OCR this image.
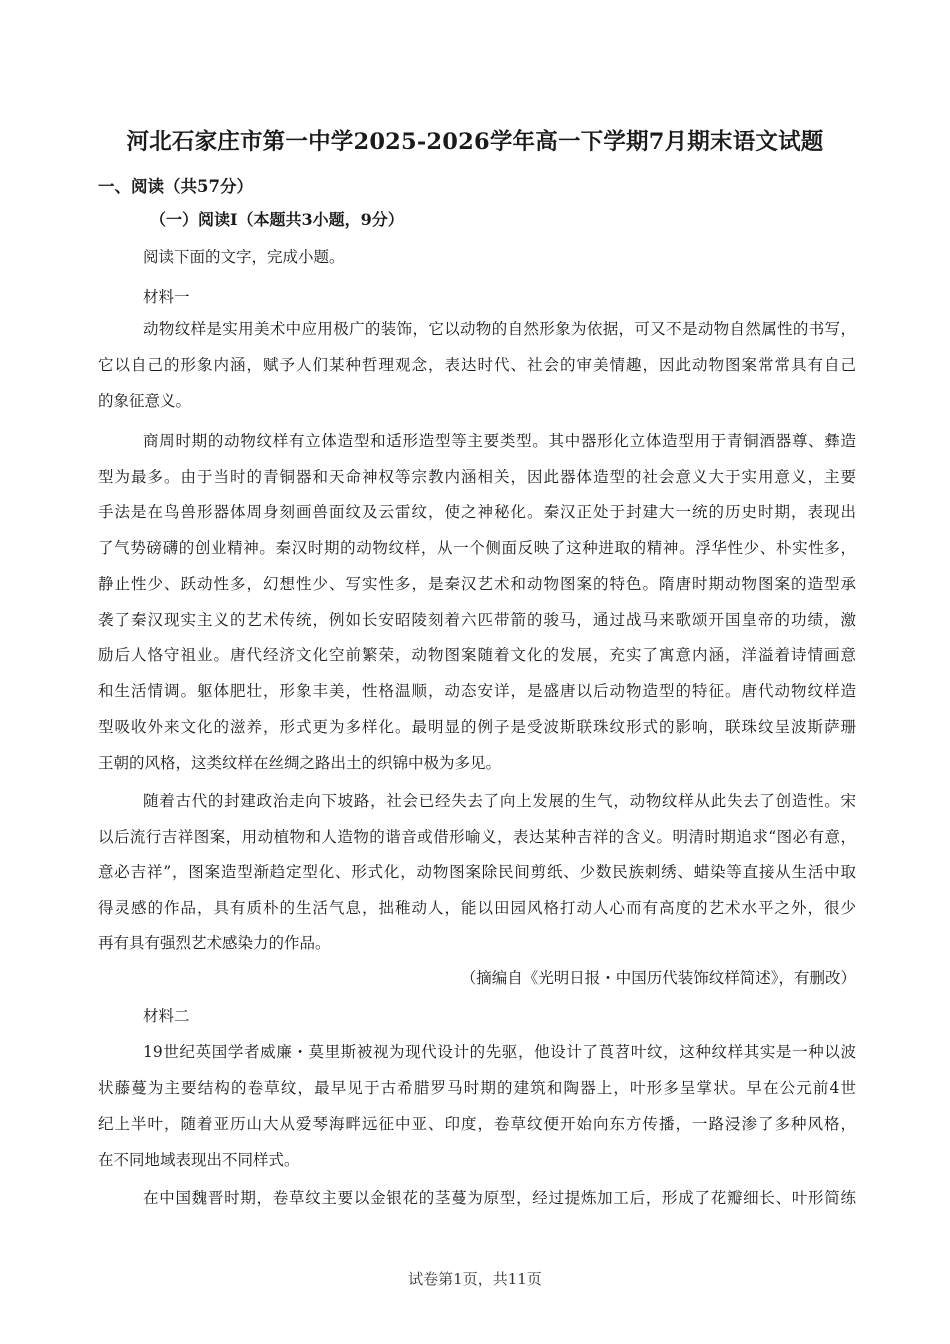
河北石家庄市第一中学2025-2026学年高一下学期7月期末语文试题
一、阅读（共57分）
（一）阅读I（本题共3小题，9分）
阅读下面的文字，完成小题。
材料一
动物纹样是实用美术中应用极广的装饰，它以动物的自然形象为依据，可又不是动物自然属性的书写，
它以自己的形象内涵，赋予人们某种哲理观念，表达时代、社会的审美情趣，因此动物图案常常具有自己
的象征意义。
商周时期的动物纹样有立体造型和适形造型等主要类型。其中器形化立体造型用于青铜酒器尊、彝造
型为最多。由于当时的青铜器和天命神权等宗教内涵相关，因此器体造型的社会意义大于实用意义，主要
手法是在鸟兽形器体周身刻画兽面纹及云雷纹，使之神秘化。秦汉正处于封建大一统的历史时期，表现出
了气势磅礴的创业精神。秦汉时期的动物纹样，从一个侧面反映了这种进取的精神。浮华性少、朴实性多，
静止性少、跃动性多，幻想性少、写实性多，是秦汉艺术和动物图案的特色。隋唐时期动物图案的造型承
袭了秦汉现实主义的艺术传统，例如长安昭陵刻着六匹带箭的骏马，通过战马来歌颂开国皇帝的功绩，激
励后人恪守祖业。唐代经济文化空前繁荣，动物图案随着文化的发展，充实了寓意内涵，洋溢着诗情画意
和生活情调。躯体肥壮，形象丰美，性格温顺，动态安详，是盛唐以后动物造型的特征。唐代动物纹样造
型吸收外来文化的滋养，形式更为多样化。最明显的例子是受波斯联珠纹形式的影响，联珠纹呈波斯萨珊
王朝的风格，这类纹样在丝绸之路出土的织锦中极为多见。
随着古代的封建政治走向下坡路，社会已经失去了向上发展的生气，动物纹样从此失去了创造性。宋
以后流行吉祥图案，用动植物和人造物的谐音或借形喻义，表达某种吉祥的含义。明清时期追求“图必有意，
意必吉祥”，图案造型渐趋定型化、形式化，动物图案除民间剪纸、少数民族刺绣、蜡染等直接从生活中取
得灵感的作品，具有质朴的生活气息，拙稚动人，能以田园风格打动人心而有高度的艺术水平之外，很少
再有具有强烈艺术感染力的作品。
（摘编自《光明日报・中国历代装饰纹样简述》，有删改）
材料二
19世纪英国学者威廉・莫里斯被视为现代设计的先驱，他设计了莨苕叶纹，这种纹样其实是一种以波
状藤蔓为主要结构的卷草纹，最早见于古希腊罗马时期的建筑和陶器上，叶形多呈掌状。早在公元前4世
纪上半叶，随着亚历山大从爱琴海畔远征中亚、印度，卷草纹便开始向东方传播，一路浸渗了多种风格，
在不同地域表现出不同样式。
在中国魏晋时期，卷草纹主要以金银花的茎蔓为原型，经过提炼加工后，形成了花瓣细长、叶形简练
试卷第1页，共11页
